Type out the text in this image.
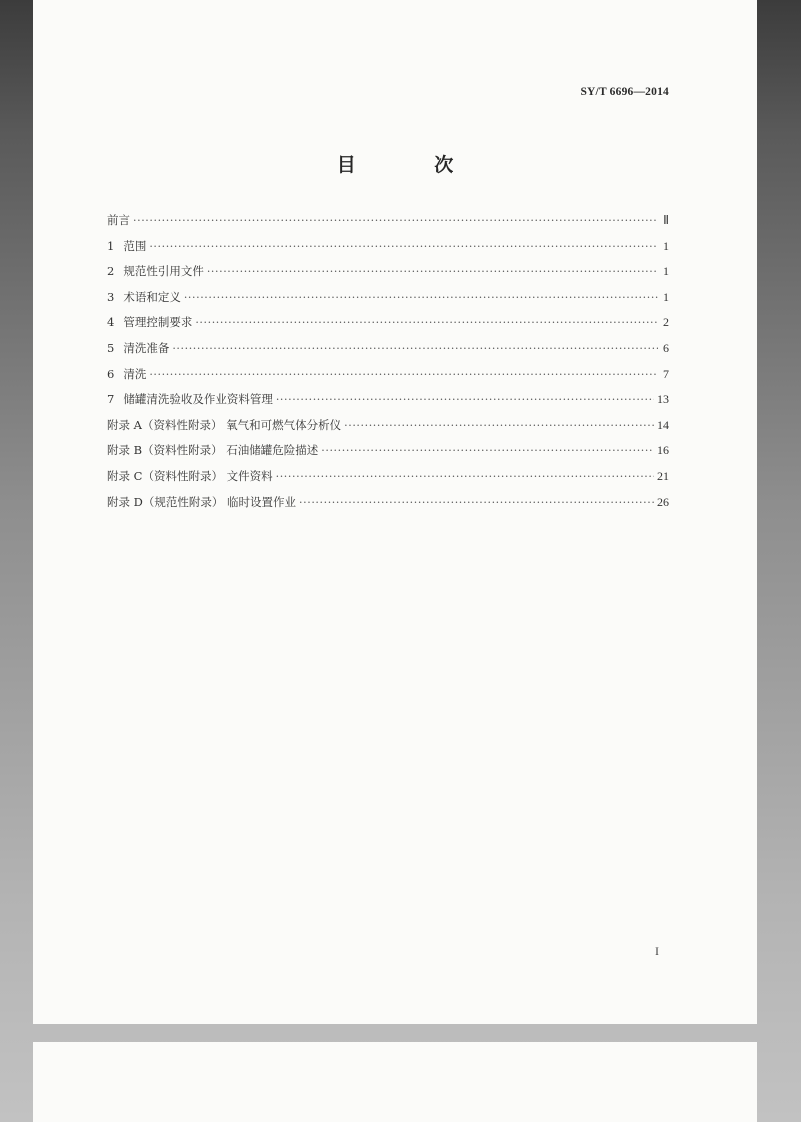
SY/T 6696—2014
目 次
前言 ·····	Ⅱ
1 范围 ·····	1
2 规范性引用文件 ·····	1
3 术语和定义 ·····	1
4 管理控制要求 ·····	2
5 清洗准备 ·····	6
6 清洗 ·····	7
7 储罐清洗验收及作业资料管理 ·····	13
附录 A（资料性附录） 氧气和可燃气体分析仪 ·····	14
附录 B（资料性附录） 石油储罐危险描述 ·····	16
附录 C（资料性附录） 文件资料 ·····	21
附录 D（规范性附录） 临时设置作业 ·····	26
I
